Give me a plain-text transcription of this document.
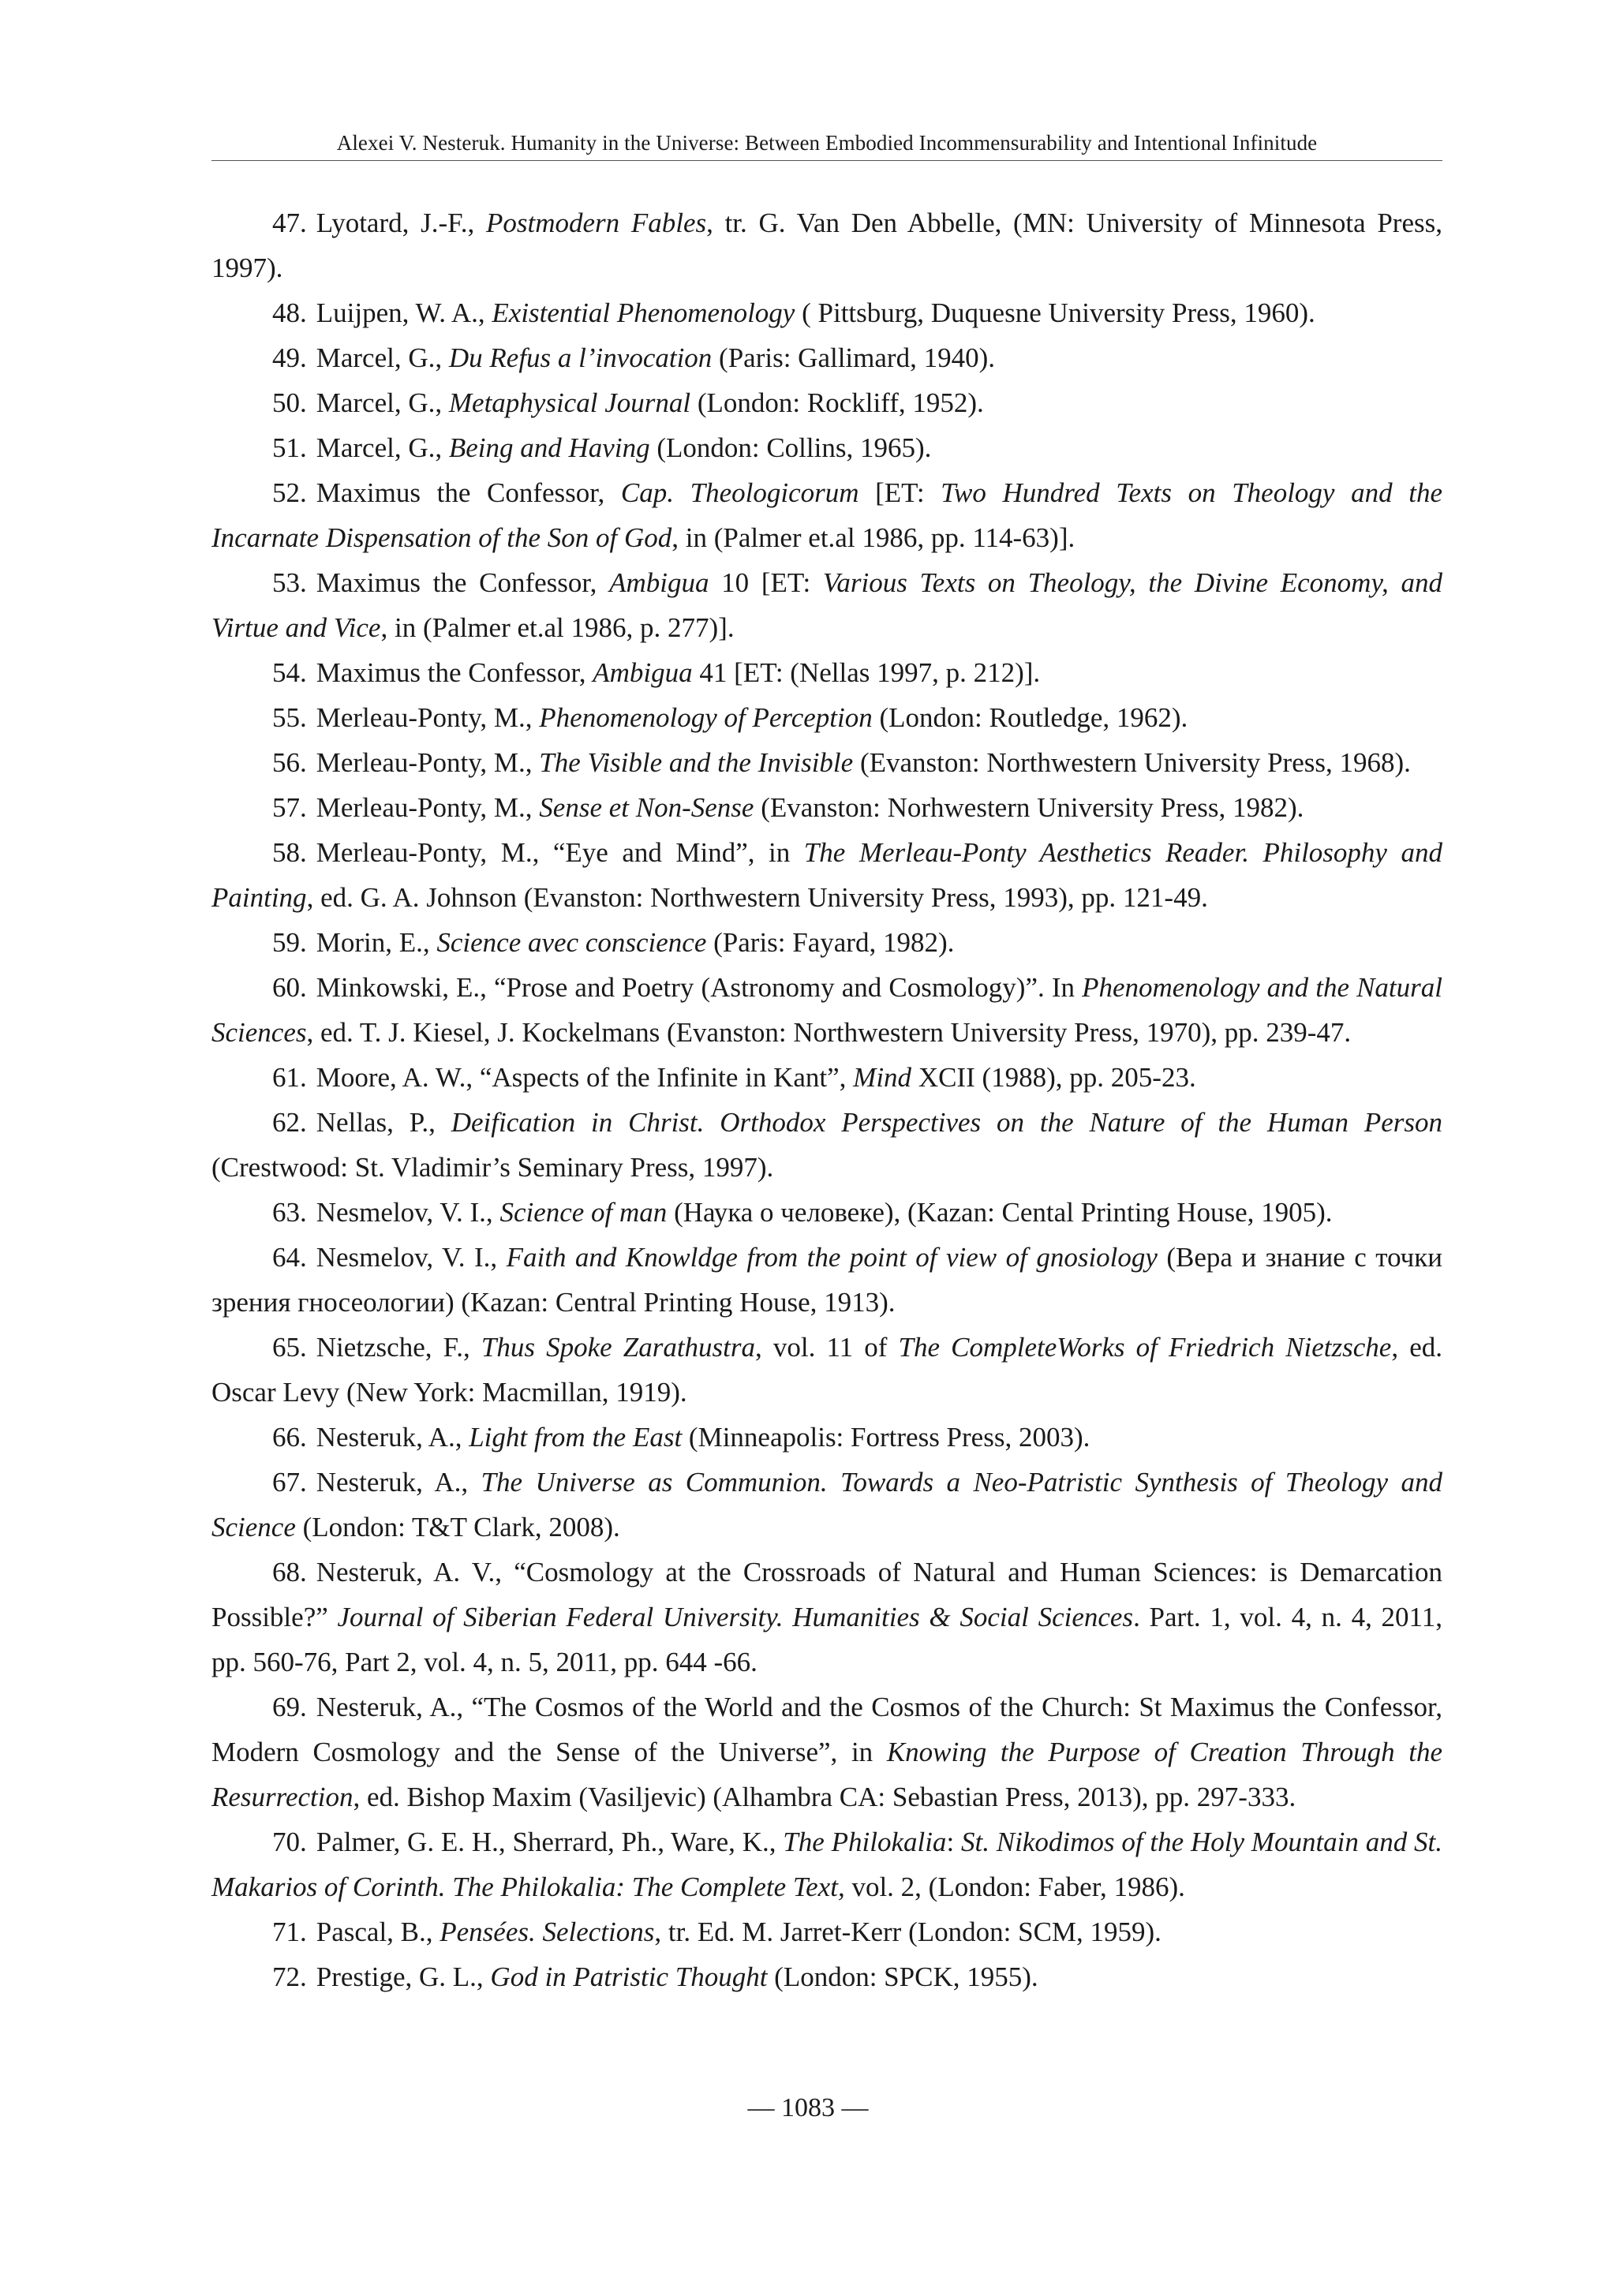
Alexei V. Nesteruk. Humanity in the Universe: Between Embodied Incommensurability and Intentional Infinitude

47. Lyotard, J.-F., Postmodern Fables, tr. G. Van Den Abbelle, (MN: University of Minnesota Press, 1997).

48. Luijpen, W. A., Existential Phenomenology ( Pittsburg, Duquesne University Press, 1960).

49. Marcel, G., Du Refus a l’invocation (Paris: Gallimard, 1940).

50. Marcel, G., Metaphysical Journal (London: Rockliff, 1952).

51. Marcel, G., Being and Having (London: Collins, 1965).

52. Maximus the Confessor, Cap. Theologicorum [ET: Two Hundred Texts on Theology and the Incarnate Dispensation of the Son of God, in (Palmer et.al 1986, pp. 114-63)].

53. Maximus the Confessor, Ambigua 10 [ET: Various Texts on Theology, the Divine Economy, and Virtue and Vice, in (Palmer et.al 1986, p. 277)].

54. Maximus the Confessor, Ambigua 41 [ET: (Nellas 1997, p. 212)].

55. Merleau-Ponty, M., Phenomenology of Perception (London: Routledge, 1962).

56. Merleau-Ponty, M., The Visible and the Invisible (Evanston: Northwestern University Press, 1968).

57. Merleau-Ponty, M., Sense et Non-Sense (Evanston: Norhwestern University Press, 1982).

58. Merleau-Ponty, M., “Eye and Mind”, in The Merleau-Ponty Aesthetics Reader. Philosophy and Painting, ed. G. A. Johnson (Evanston: Northwestern University Press, 1993), pp. 121-49.

59. Morin, E., Science avec conscience (Paris: Fayard, 1982).

60. Minkowski, E., “Prose and Poetry (Astronomy and Cosmology)”. In Phenomenology and the Natural Sciences, ed. T. J. Kiesel, J. Kockelmans (Evanston: Northwestern University Press, 1970), pp. 239-47.

61. Moore, A. W., “Aspects of the Infinite in Kant”, Mind XCII (1988), pp. 205-23.

62. Nellas, P., Deification in Christ. Orthodox Perspectives on the Nature of the Human Person (Crestwood: St. Vladimir’s Seminary Press, 1997).

63. Nesmelov, V. I., Science of man (Наука о человеке), (Kazan: Cental Printing House, 1905).

64. Nesmelov, V. I., Faith and Knowldge from the point of view of gnosiology (Вера и знание с точки зрения гносеологии) (Kazan: Central Printing House, 1913).

65. Nietzsche, F., Thus Spoke Zarathustra, vol. 11 of The CompleteWorks of Friedrich Nietzsche, ed. Oscar Levy (New York: Macmillan, 1919).

66. Nesteruk, A., Light from the East (Minneapolis: Fortress Press, 2003).

67. Nesteruk, A., The Universe as Communion. Towards a Neo-Patristic Synthesis of Theology and Science (London: T&T Clark, 2008).

68. Nesteruk, A. V., “Cosmology at the Crossroads of Natural and Human Sciences: is Demarcation Possible?” Journal of Siberian Federal University. Humanities & Social Sciences. Part. 1, vol. 4, n. 4, 2011, pp. 560-76, Part 2, vol. 4, n. 5, 2011, pp. 644 -66.

69. Nesteruk, A., “The Cosmos of the World and the Cosmos of the Church: St Maximus the Confessor, Modern Cosmology and the Sense of the Universe”, in Knowing the Purpose of Creation Through the Resurrection, ed. Bishop Maxim (Vasiljevic) (Alhambra CA: Sebastian Press, 2013), pp. 297-333.

70. Palmer, G. E. H., Sherrard, Ph., Ware, K., The Philokalia: St. Nikodimos of the Holy Mountain and St. Makarios of Corinth. The Philokalia: The Complete Text, vol. 2, (London: Faber, 1986).

71. Pascal, B., Pensées. Selections, tr. Ed. M. Jarret-Kerr (London: SCM, 1959).

72. Prestige, G. L., God in Patristic Thought (London: SPCK, 1955).

— 1083 —
